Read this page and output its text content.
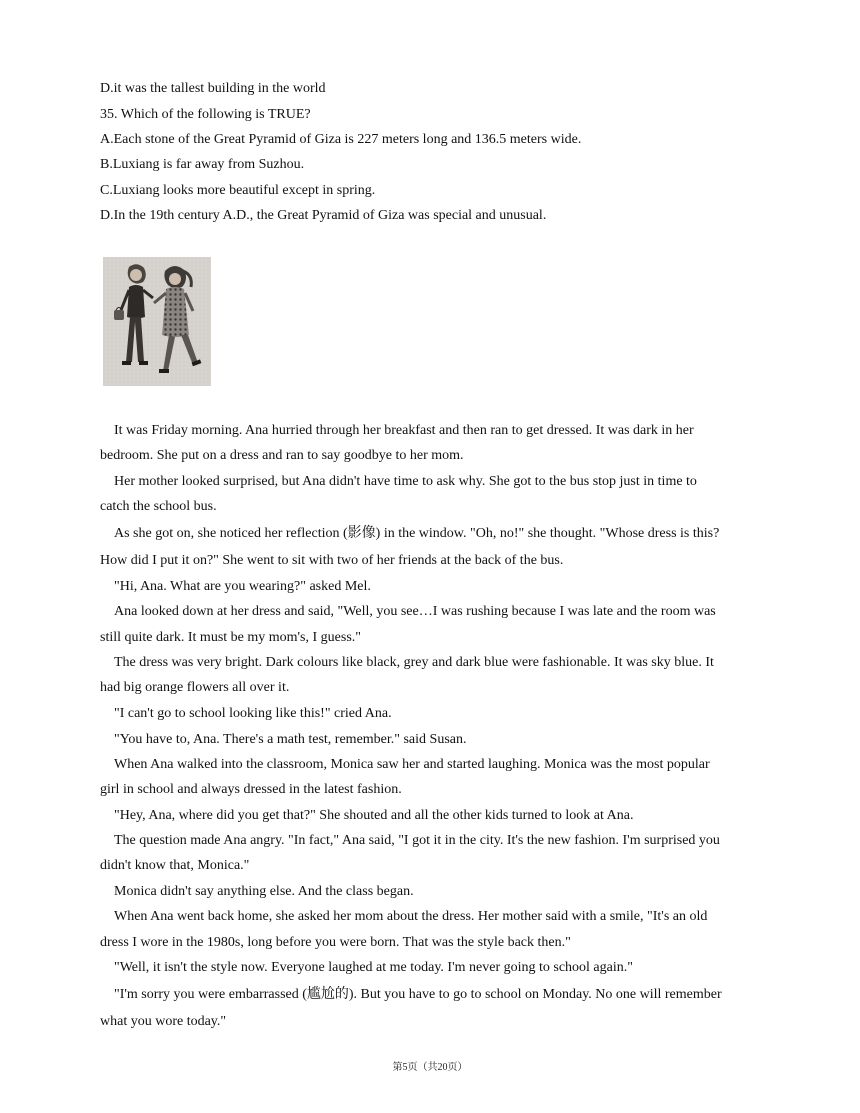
D.it was the tallest building in the world
35. Which of the following is TRUE?
A.Each stone of the Great Pyramid of Giza is 227 meters long and 136.5 meters wide.
B.Luxiang is far away from Suzhou.
C.Luxiang looks more beautiful except in spring.
D.In the 19th century A.D., the Great Pyramid of Giza was special and unusual.
It was Friday morning. Ana hurried through her breakfast and then ran to get dressed. It was dark in her
bedroom. She put on a dress and ran to say goodbye to her mom.
Her mother looked surprised, but Ana didn't have time to ask why. She got to the bus stop just in time to
catch the school bus.
As she got on, she noticed her reflection (影像) in the window. "Oh, no!" she thought. "Whose dress is this?
How did I put it on?" She went to sit with two of her friends at the back of the bus.
"Hi, Ana. What are you wearing?" asked Mel.
Ana looked down at her dress and said, "Well, you see…I was rushing because I was late and the room was
still quite dark. It must be my mom's, I guess."
The dress was very bright. Dark colours like black, grey and dark blue were fashionable. It was sky blue. It
had big orange flowers all over it.
"I can't go to school looking like this!" cried Ana.
"You have to, Ana. There's a math test, remember." said Susan.
When Ana walked into the classroom, Monica saw her and started laughing. Monica was the most popular
girl in school and always dressed in the latest fashion.
"Hey, Ana, where did you get that?" She shouted and all the other kids turned to look at Ana.
The question made Ana angry. "In fact," Ana said, "I got it in the city. It's the new fashion. I'm surprised you
didn't know that, Monica."
Monica didn't say anything else. And the class began.
When Ana went back home, she asked her mom about the dress. Her mother said with a smile, "It's an old
dress I wore in the 1980s, long before you were born. That was the style back then."
"Well, it isn't the style now. Everyone laughed at me today. I'm never going to school again."
"I'm sorry you were embarrassed (尴尬的). But you have to go to school on Monday. No one will remember
what you wore today."
第5页（共20页）
